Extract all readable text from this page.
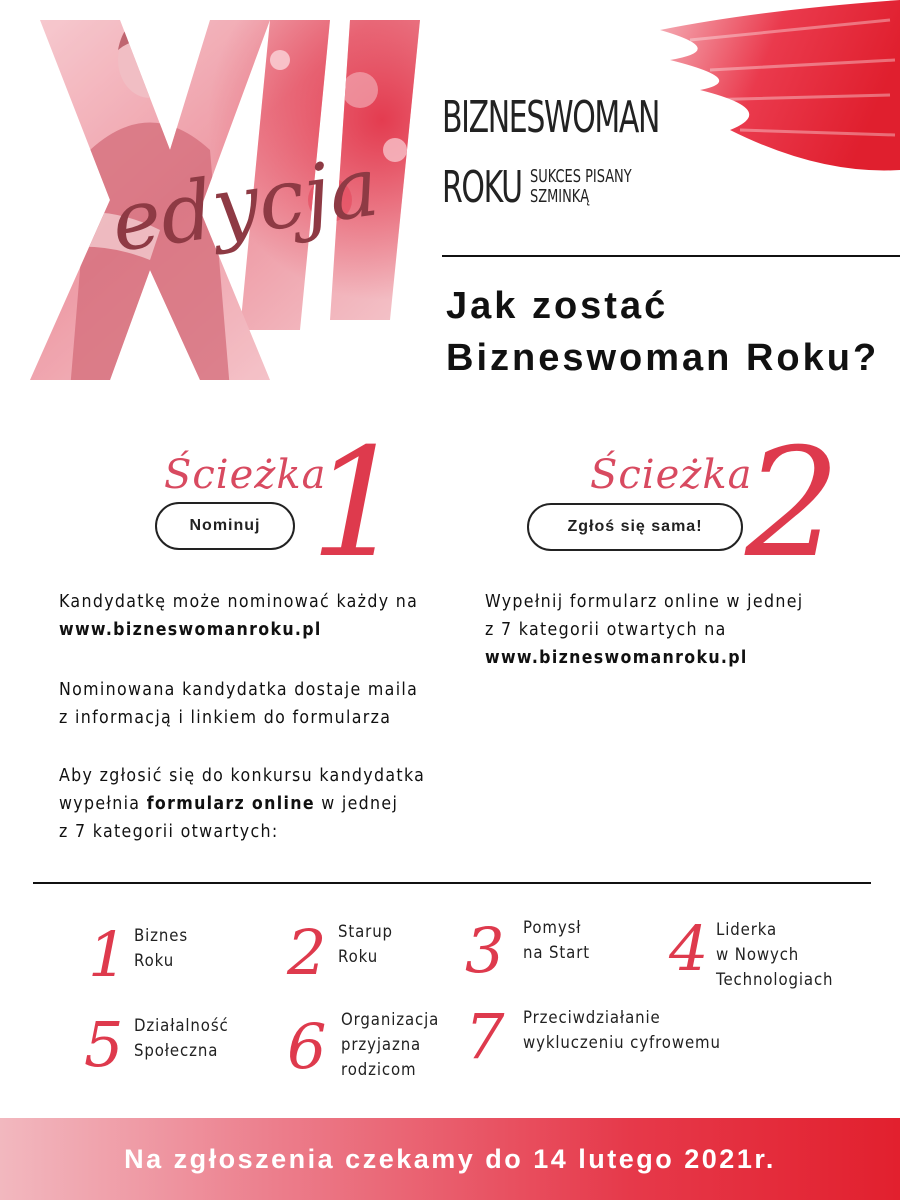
edycja
BIZNESWOMAN
ROKU SUKCES PISANY
SZMINKĄ
Jak zostać
Bizneswoman Roku?
Ścieżka
1
Nominuj
Ścieżka
2
Zgłoś się sama!
Kandydatkę może nominować każdy na
www.bizneswomanroku.pl
Nominowana kandydatka dostaje maila
z informacją i linkiem do formularza
Aby zgłosić się do konkursu kandydatka
wypełnia formularz online w jednej
z 7 kategorii otwartych:
Wypełnij formularz online w jednej
z 7 kategorii otwartych na
www.bizneswomanroku.pl
1 Biznes
Roku 2 Starup
Roku 3 Pomysł
na Start 4 Liderka
w Nowych
Technologiach
5 Działalność
Społeczna 6 Organizacja
przyjazna
rodzicom 7 Przeciwdziałanie
wykluczeniu cyfrowemu
Na zgłoszenia czekamy do 14 lutego 2021r.
